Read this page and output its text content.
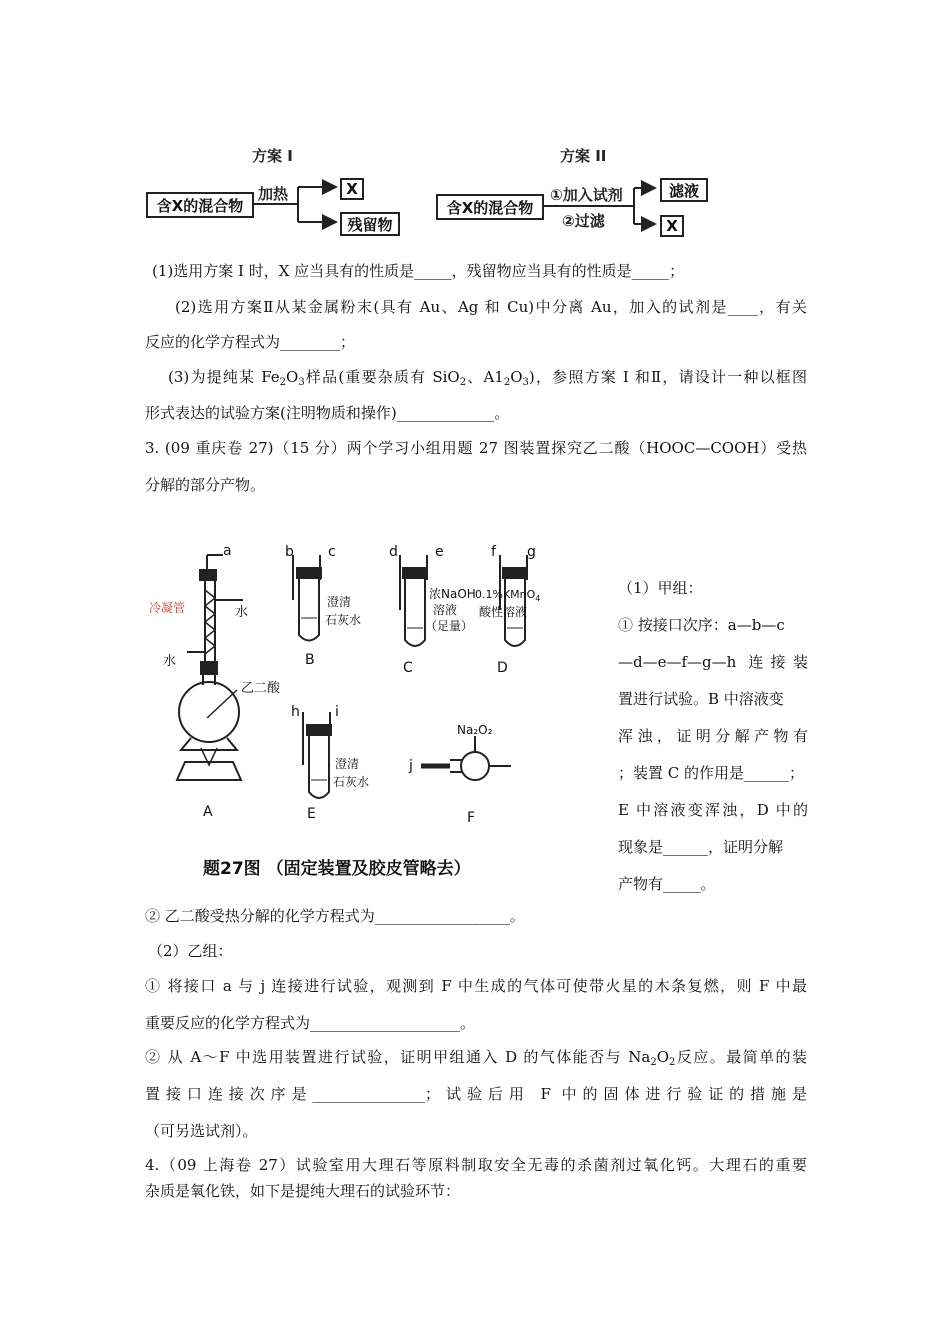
方案 I
含X的混合物
加热	X
残留物
方案 II
含X的混合物
①加入试剂
②过滤
滤液
X
(1)选用方案 I 时，X 应当具有的性质是_____，残留物应当具有的性质是_____；
(2)选用方案Ⅱ从某金属粉末(具有 Au、Ag 和 Cu)中分离 Au，加入的试剂是____，有关
反应的化学方程式为________；
(3)为提纯某 $Fe_2O_3$样品(重要杂质有 SiO$_2$、$A1_2O_3$)，参照方案 I 和Ⅱ，请设计一种以框图
形式表达的试验方案(注明物质和操作)_____________。
3. (09 重庆卷 27)（15 分）两个学习小组用题 27 图装置探究乙二酸（HOOC—COOH）受热
分解的部分产物。
a	b c	d	e	f g
h	i
j
冷凝管	水
水
乙二酸
澄清
石灰水
浓NaOH
溶液
（足量）
0.1%KMnO$_4$
酸性溶液
澄清
石灰水
Na₂O₂
A
B	C	D
E	F
题27图 （固定装置及胶皮管略去）
（1）甲组：
① 按接口次序：a—b—c
—d—e—f—g—h 连接装
置进行试验。B 中溶液变
浑浊，证明分解产物有
；装置 C 的作用是______；
E 中溶液变浑浊，D 中的
现象是______，证明分解
产物有_____。
② 乙二酸受热分解的化学方程式为__________________。
（2）乙组：
① 将接口 a 与 j 连接进行试验，观测到 F 中生成的气体可使带火星的木条复燃，则 F 中最
重要反应的化学方程式为____________________。
② 从 A～F 中选用装置进行试验，证明甲组通入 D 的气体能否与 $Na_2O_2$反应。最简单的装
置接口连接次序是_______________；试验后用 F 中的固体进行验证的措施是
（可另选试剂）。
4.（09 上海卷 27）试验室用大理石等原料制取安全无毒的杀菌剂过氧化钙。大理石的重要
杂质是氧化铁，如下是提纯大理石的试验环节：
